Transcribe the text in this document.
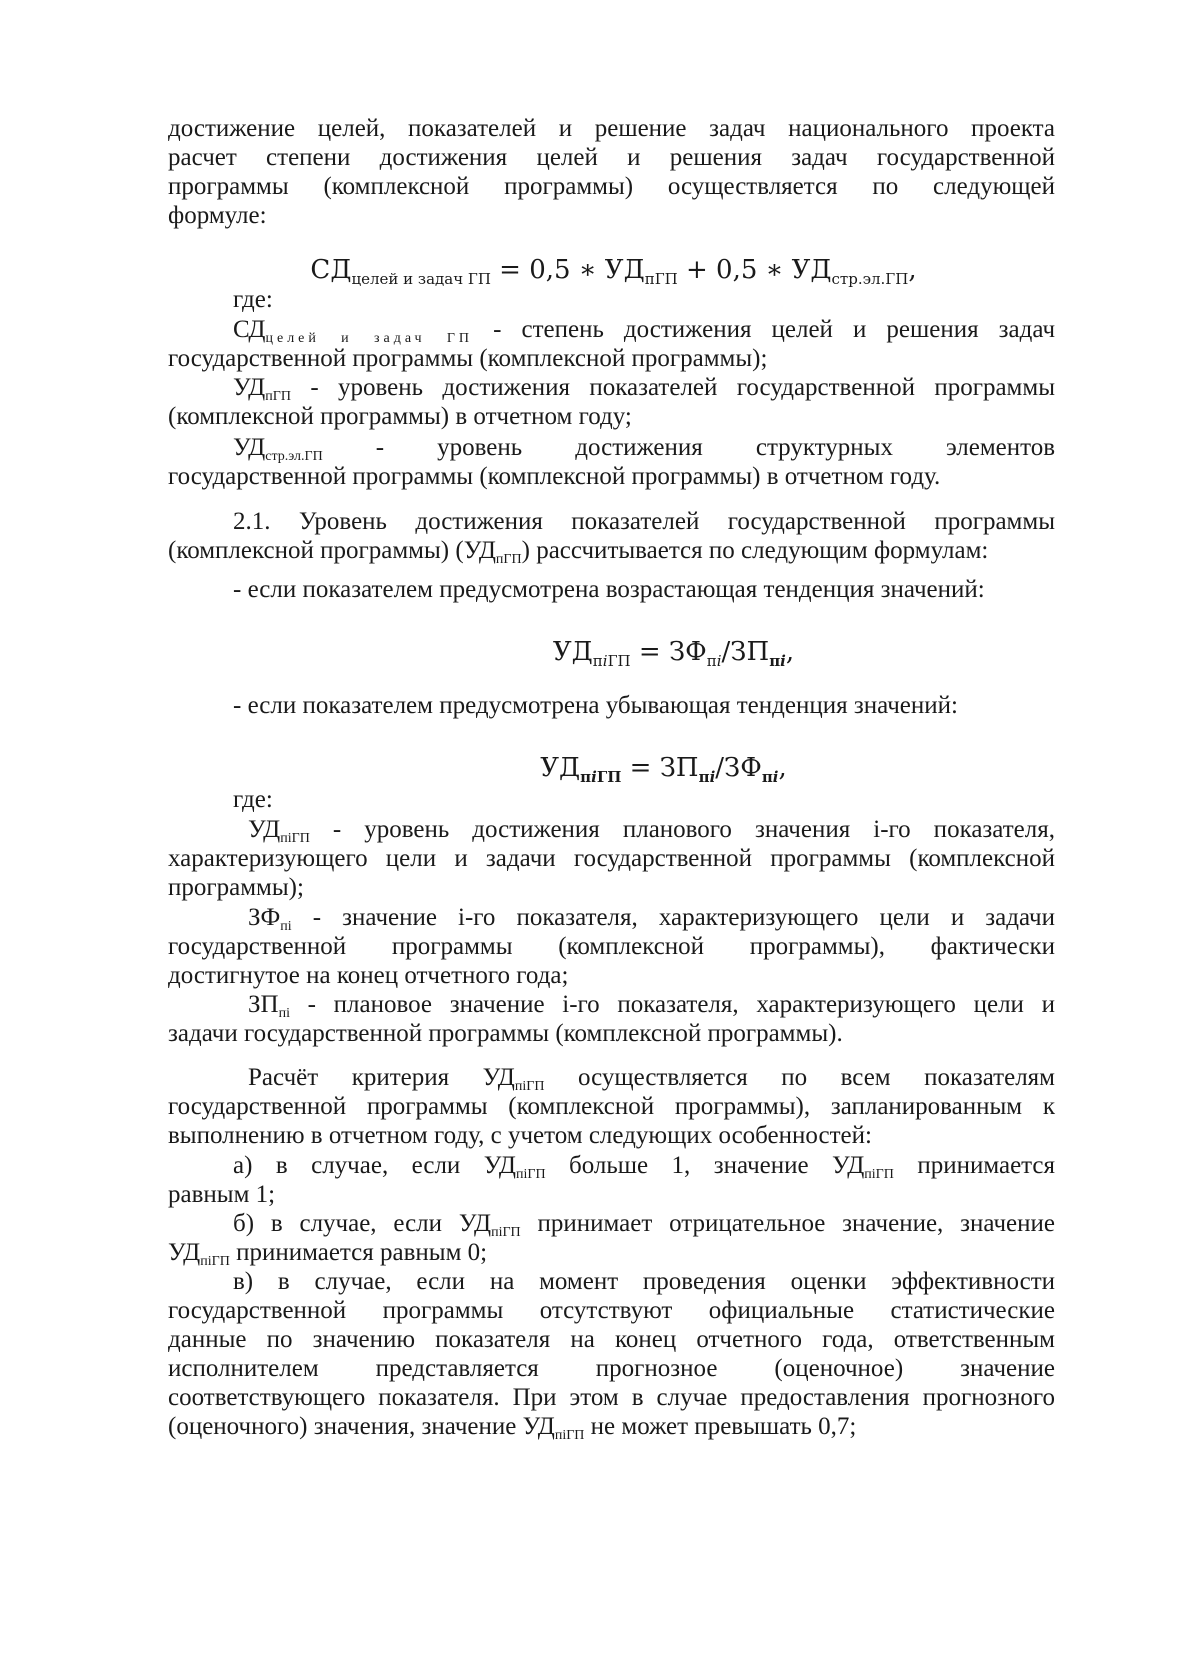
достижение целей, показателей и решение задач национального проекта
расчет степени достижения целей и решения задач государственной
программы (комплексной программы) осуществляется по следующей
формуле:
$СД_{целей и задач ГП} = 0,5$ ∗ $УД_{пГП} + 0,5$ ∗ $УД_{стр.эл.ГП}$,
где:
$СД_{целей и задач ГП}$ - степень достижения целей и решения задач
государственной программы (комплексной программы);
$УД_{пГП}$ - уровень достижения показателей государственной программы
(комплексной программы) в отчетном году;
$УД_{стр.эл.ГП}$ - уровень достижения структурных элементов
государственной программы (комплексной программы) в отчетном году.
2.1. Уровень достижения показателей государственной программы
(комплексной программы) $(УД_{пГП})$ рассчитывается по следующим формулам:
- если показателем предусмотрена возрастающая тенденция значений:
$УД_{пiГП} = ЗФ_{пi}/ЗП_{пi}$,
- если показателем предусмотрена убывающая тенденция значений:
$УД_{пiГП} = ЗП_{пi}/ЗФ_{пi}$,
где:
$УД_{пiГП}$ - уровень достижения планового значения i-го показателя,
характеризующего цели и задачи государственной программы (комплексной
программы);
$ЗФ_{пi}$ - значение i-го показателя, характеризующего цели и задачи
государственной программы (комплексной программы), фактически
достигнутое на конец отчетного года;
$ЗП_{пi}$ - плановое значение i-го показателя, характеризующего цели и
задачи государственной программы (комплексной программы).
Расчёт критерия $УД_{пiГП}$ осуществляется по всем показателям
государственной программы (комплексной программы), запланированным к
выполнению в отчетном году, с учетом следующих особенностей:
а) в случае, если $УД_{пiГП}$ больше 1, значение $УД_{пiГП}$ принимается
равным 1;
б) в случае, если $УД_{пiГП}$ принимает отрицательное значение, значение
$УД_{пiГП}$ принимается равным 0;
в) в случае, если на момент проведения оценки эффективности
государственной программы отсутствуют официальные статистические
данные по значению показателя на конец отчетного года, ответственным
исполнителем представляется прогнозное (оценочное) значение
соответствующего показателя. При этом в случае предоставления прогнозного
(оценочного) значения, значение $УД_{пiГП}$ не может превышать 0,7;
